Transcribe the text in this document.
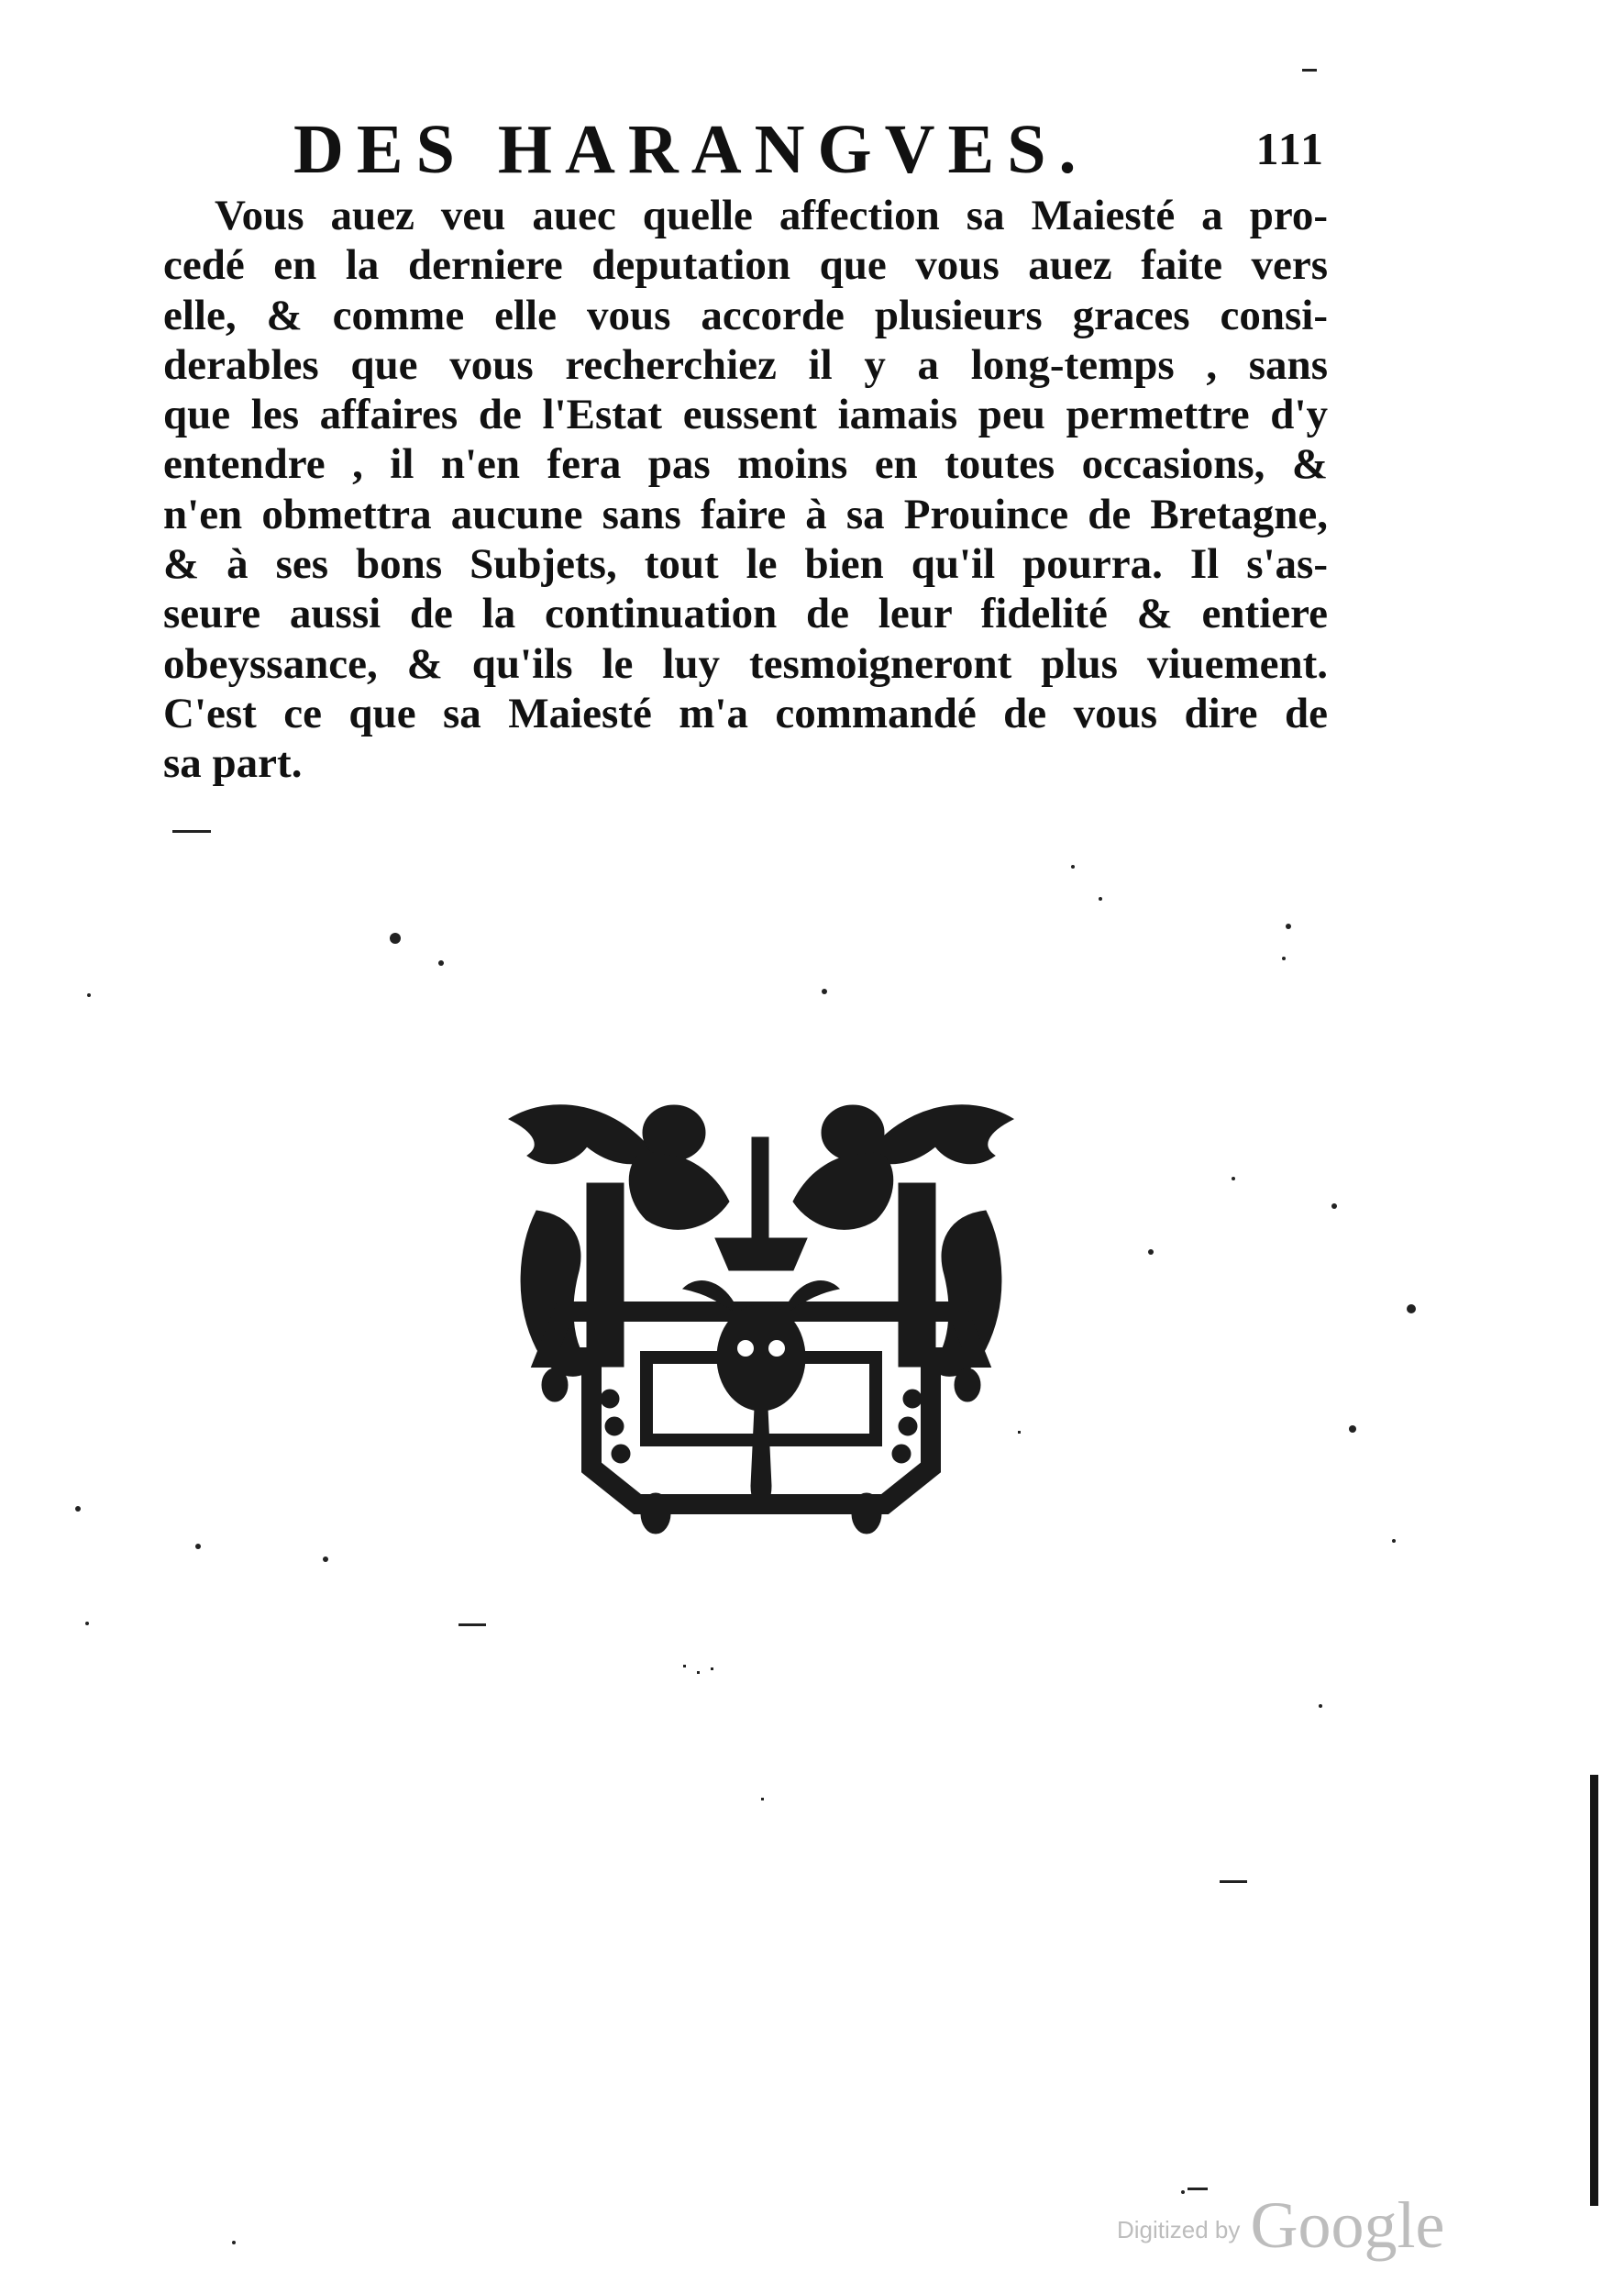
DES HARANGVES.	111
Vous auez veu auec quelle affection sa Maiesté a pro-
cedé en la derniere deputation que vous auez faite vers
elle, & comme elle vous accorde plusieurs graces consi-
derables que vous recherchiez il y a long-temps , sans
que les affaires de l'Estat eussent iamais peu permettre d'y
entendre , il n'en fera pas moins en toutes occasions, &
n'en obmettra aucune sans faire à sa Prouince de Bretagne,
& à ses bons Subjets, tout le bien qu'il pourra. Il s'as-
seure aussi de la continuation de leur fidelité & entiere
obeyssance, & qu'ils le luy tesmoigneront plus viuement.
C'est ce que sa Maiesté m'a commandé de vous dire de
sa part.
Digitized by Google
